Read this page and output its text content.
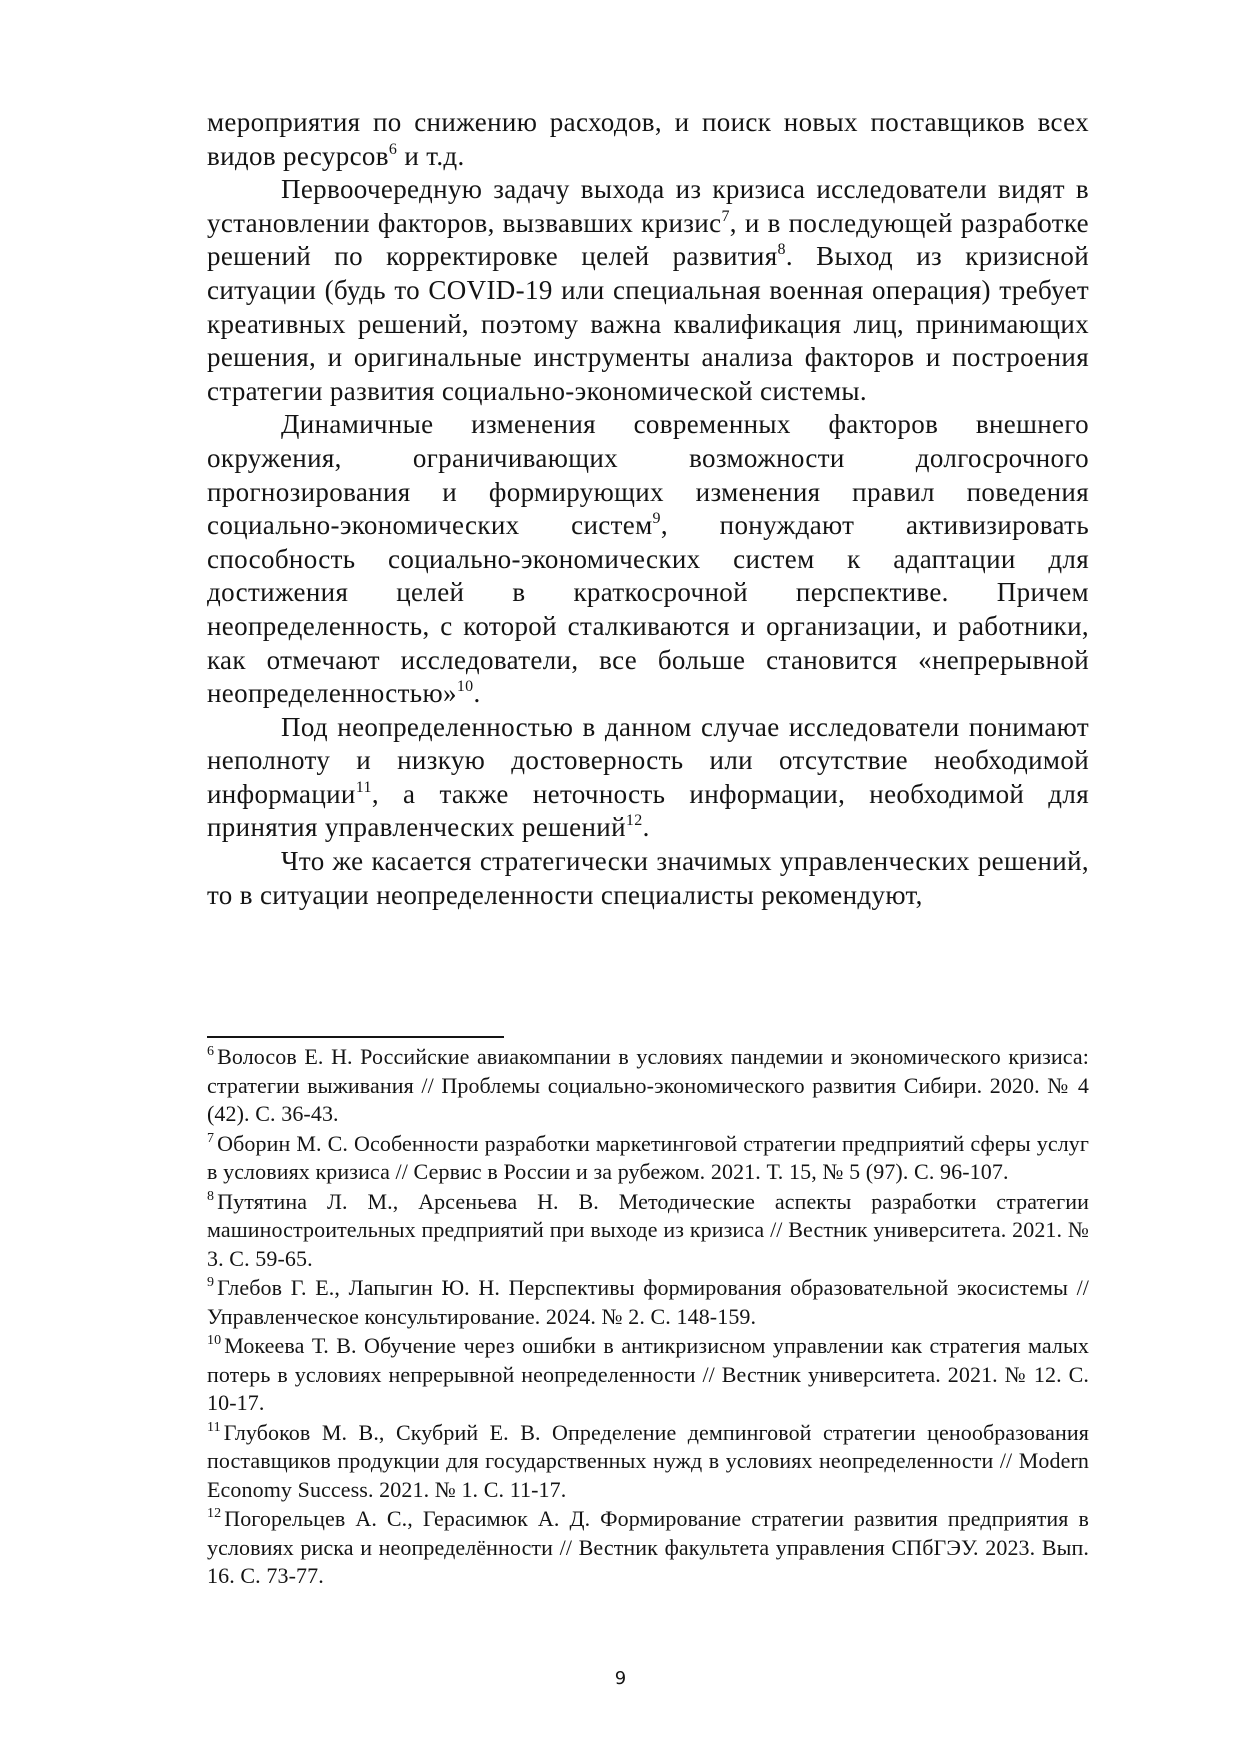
мероприятия по снижению расходов, и поиск новых поставщиков всех видов ресурсов$^6$ и т.д.

Первоочередную задачу выхода из кризиса исследователи видят в установлении факторов, вызвавших кризис$^7$, и в последующей разработке решений по корректировке целей развития$^8$. Выход из кризисной ситуации (будь то COVID-19 или специальная военная операция) требует креативных решений, поэтому важна квалификация лиц, принимающих решения, и оригинальные инструменты анализа факторов и построения стратегии развития социально-экономической системы.

Динамичные изменения современных факторов внешнего окружения, ограничивающих возможности долгосрочного прогнозирования и формирующих изменения правил поведения социально-экономических систем$^9$, понуждают активизировать способность социально-экономических систем к адаптации для достижения целей в краткосрочной перспективе. Причем неопределенность, с которой сталкиваются и организации, и работники, как отмечают исследователи, все больше становится «непрерывной неопределенностью»$^{10}$.

Под неопределенностью в данном случае исследователи понимают неполноту и низкую достоверность или отсутствие необходимой информации$^{11}$, а также неточность информации, необходимой для принятия управленческих решений$^{12}$.

Что же касается стратегически значимых управленческих решений, то в ситуации неопределенности специалисты рекомендуют,

$^6$ Волосов Е. Н. Российские авиакомпании в условиях пандемии и экономического кризиса: стратегии выживания // Проблемы социально-экономического развития Сибири. 2020. № 4 (42). С. 36-43.

$^7$ Оборин М. С. Особенности разработки маркетинговой стратегии предприятий сферы услуг в условиях кризиса // Сервис в России и за рубежом. 2021. Т. 15, № 5 (97). С. 96-107.

$^8$ Путятина Л. М., Арсеньева Н. В. Методические аспекты разработки стратегии машиностроительных предприятий при выходе из кризиса // Вестник университета. 2021. № 3. С. 59-65.

$^9$ Глебов Г. Е., Лапыгин Ю. Н. Перспективы формирования образовательной экосистемы // Управленческое консультирование. 2024. № 2. С. 148-159.

$^{10}$ Мокеева Т. В. Обучение через ошибки в антикризисном управлении как стратегия малых потерь в условиях непрерывной неопределенности // Вестник университета. 2021. № 12. С. 10-17.

$^{11}$ Глубоков М. В., Скубрий Е. В. Определение демпинговой стратегии ценообразования поставщиков продукции для государственных нужд в условиях неопределенности // Modern Economy Success. 2021. № 1. С. 11-17.

$^{12}$ Погорельцев А. С., Герасимюк А. Д. Формирование стратегии развития предприятия в условиях риска и неопределённости // Вестник факультета управления СПбГЭУ. 2023. Вып. 16. С. 73-77.

9
